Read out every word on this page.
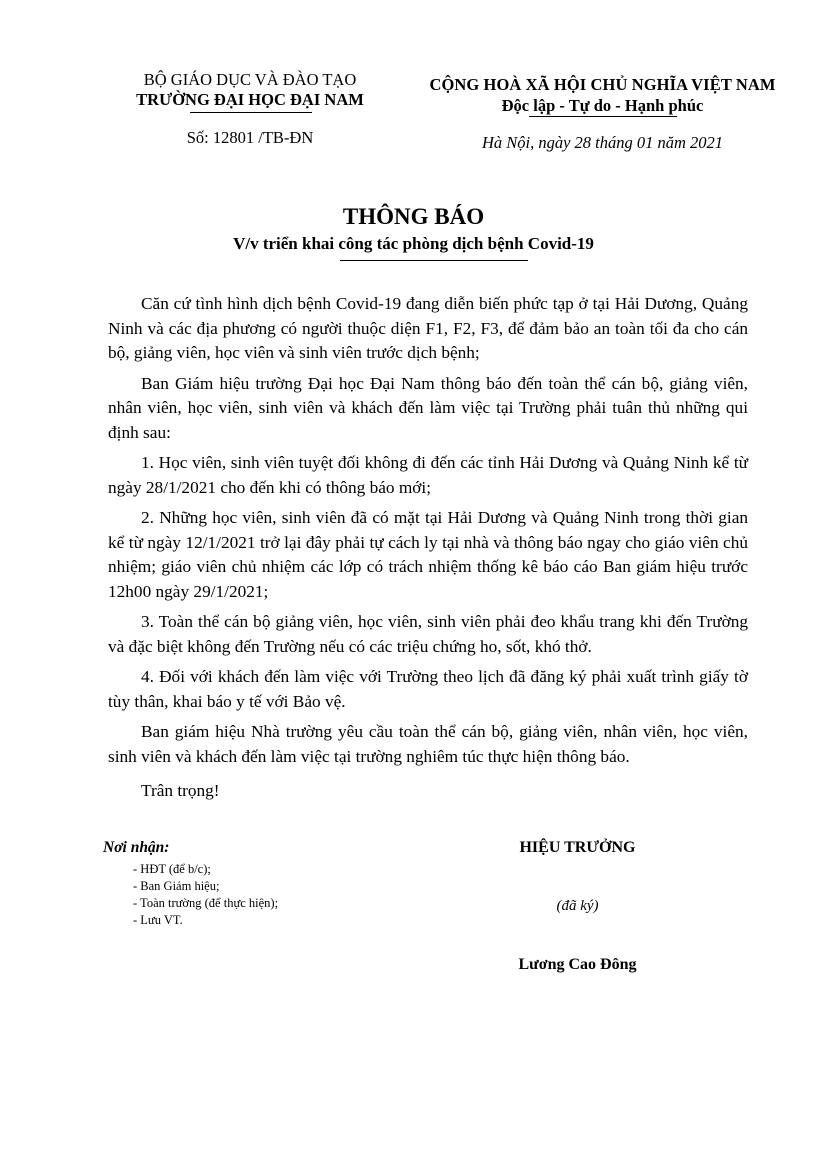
BỘ GIÁO DỤC VÀ ĐÀO TẠO
TRƯỜNG ĐẠI HỌC ĐẠI NAM
Số: 12801 /TB-ĐN
CỘNG HOÀ XÃ HỘI CHỦ NGHĨA VIỆT NAM
Độc lập - Tự do - Hạnh phúc
Hà Nội, ngày 28 tháng 01 năm 2021
THÔNG BÁO
V/v triển khai công tác phòng dịch bệnh Covid-19

Căn cứ tình hình dịch bệnh Covid-19 đang diễn biến phức tạp ở tại Hải Dương, Quảng Ninh và các địa phương có người thuộc diện F1, F2, F3, để đảm bảo an toàn tối đa cho cán bộ, giảng viên, học viên và sinh viên trước dịch bệnh;

Ban Giám hiệu trường Đại học Đại Nam thông báo đến toàn thể cán bộ, giảng viên, nhân viên, học viên, sinh viên và khách đến làm việc tại Trường phải tuân thủ những qui định sau:

1. Học viên, sinh viên tuyệt đối không đi đến các tỉnh Hải Dương và Quảng Ninh kể từ ngày 28/1/2021 cho đến khi có thông báo mới;

2. Những học viên, sinh viên đã có mặt tại Hải Dương và Quảng Ninh trong thời gian kể từ ngày 12/1/2021 trở lại đây phải tự cách ly tại nhà và thông báo ngay cho giáo viên chủ nhiệm; giáo viên chủ nhiệm các lớp có trách nhiệm thống kê báo cáo Ban giám hiệu trước 12h00 ngày 29/1/2021;

3. Toàn thể cán bộ giảng viên, học viên, sinh viên phải đeo khẩu trang khi đến Trường và đặc biệt không đến Trường nếu có các triệu chứng ho, sốt, khó thở.

4. Đối với khách đến làm việc với Trường theo lịch đã đăng ký phải xuất trình giấy tờ tùy thân, khai báo y tế với Bảo vệ.

Ban giám hiệu Nhà trường yêu cầu toàn thể cán bộ, giảng viên, nhân viên, học viên, sinh viên và khách đến làm việc tại trường nghiêm túc thực hiện thông báo.

Trân trọng!

Nơi nhận:
- HĐT (để b/c);
- Ban Giám hiệu;
- Toàn trường (để thực hiện);
- Lưu VT.
HIỆU TRƯỞNG
(đã ký)
Lương Cao Đông
